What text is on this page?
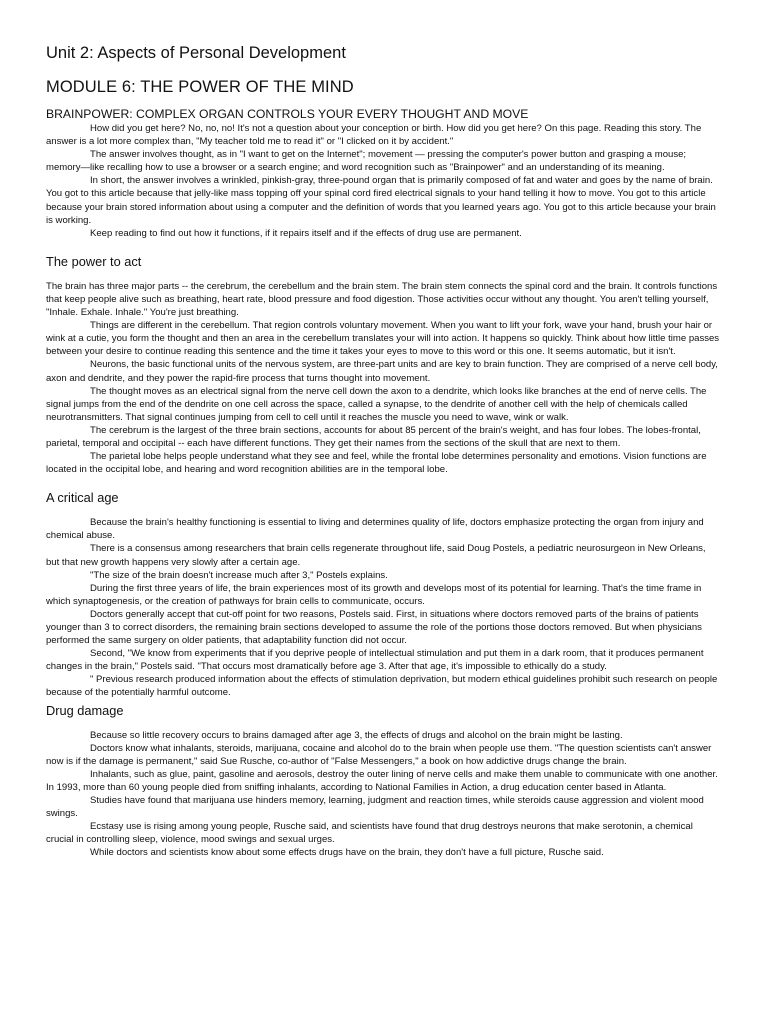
Unit 2: Aspects of Personal Development
MODULE 6: THE POWER OF THE MIND
BRAINPOWER: COMPLEX ORGAN CONTROLS YOUR EVERY THOUGHT AND MOVE

How did you get here? No, no, no! It's not a question about your conception or birth. How did you get here? On this page. Reading this story. The answer is a lot more complex than, "My teacher told me to read it" or "I clicked on it by accident."

The answer involves thought, as in "I want to get on the Internet"; movement — pressing the computer's power button and grasping a mouse; memory—like recalling how to use a browser or a search engine; and word recognition such as "Brainpower" and an understanding of its meaning.

In short, the answer involves a wrinkled, pinkish-gray, three-pound organ that is primarily composed of fat and water and goes by the name of brain. You got to this article because that jelly-like mass topping off your spinal cord fired electrical signals to your hand telling it how to move. You got to this article because your brain stored information about using a computer and the definition of words that you learned years ago. You got to this article because your brain is working.

Keep reading to find out how it functions, if it repairs itself and if the effects of drug use are permanent.

The power to act

The brain has three major parts -- the cerebrum, the cerebellum and the brain stem. The brain stem connects the spinal cord and the brain. It controls functions that keep people alive such as breathing, heart rate, blood pressure and food digestion. Those activities occur without any thought. You aren't telling yourself, "Inhale. Exhale. Inhale." You're just breathing.

Things are different in the cerebellum. That region controls voluntary movement. When you want to lift your fork, wave your hand, brush your hair or wink at a cutie, you form the thought and then an area in the cerebellum translates your will into action. It happens so quickly. Think about how little time passes between your desire to continue reading this sentence and the time it takes your eyes to move to this word or this one. It seems automatic, but it isn't.

Neurons, the basic functional units of the nervous system, are three-part units and are key to brain function. They are comprised of a nerve cell body, axon and dendrite, and they power the rapid-fire process that turns thought into movement.

The thought moves as an electrical signal from the nerve cell down the axon to a dendrite, which looks like branches at the end of nerve cells. The signal jumps from the end of the dendrite on one cell across the space, called a synapse, to the dendrite of another cell with the help of chemicals called neurotransmitters. That signal continues jumping from cell to cell until it reaches the muscle you need to wave, wink or walk.

The cerebrum is the largest of the three brain sections, accounts for about 85 percent of the brain's weight, and has four lobes. The lobes-frontal, parietal, temporal and occipital -- each have different functions. They get their names from the sections of the skull that are next to them.

The parietal lobe helps people understand what they see and feel, while the frontal lobe determines personality and emotions. Vision functions are located in the occipital lobe, and hearing and word recognition abilities are in the temporal lobe.

A critical age

Because the brain's healthy functioning is essential to living and determines quality of life, doctors emphasize protecting the organ from injury and chemical abuse.

There is a consensus among researchers that brain cells regenerate throughout life, said Doug Postels, a pediatric neurosurgeon in New Orleans, but that new growth happens very slowly after a certain age.

"The size of the brain doesn't increase much after 3," Postels explains.

During the first three years of life, the brain experiences most of its growth and develops most of its potential for learning. That's the time frame in which synaptogenesis, or the creation of pathways for brain cells to communicate, occurs.

Doctors generally accept that cut-off point for two reasons, Postels said. First, in situations where doctors removed parts of the brains of patients younger than 3 to correct disorders, the remaining brain sections developed to assume the role of the portions those doctors removed. But when physicians performed the same surgery on older patients, that adaptability function did not occur.

Second, "We know from experiments that if you deprive people of intellectual stimulation and put them in a dark room, that it produces permanent changes in the brain," Postels said. "That occurs most dramatically before age 3. After that age, it's impossible to ethically do a study.

" Previous research produced information about the effects of stimulation deprivation, but modern ethical guidelines prohibit such research on people because of the potentially harmful outcome.

Drug damage

Because so little recovery occurs to brains damaged after age 3, the effects of drugs and alcohol on the brain might be lasting.

Doctors know what inhalants, steroids, marijuana, cocaine and alcohol do to the brain when people use them. "The question scientists can't answer now is if the damage is permanent," said Sue Rusche, co-author of "False Messengers," a book on how addictive drugs change the brain.

Inhalants, such as glue, paint, gasoline and aerosols, destroy the outer lining of nerve cells and make them unable to communicate with one another. In 1993, more than 60 young people died from sniffing inhalants, according to National Families in Action, a drug education center based in Atlanta.

Studies have found that marijuana use hinders memory, learning, judgment and reaction times, while steroids cause aggression and violent mood swings.

Ecstasy use is rising among young people, Rusche said, and scientists have found that drug destroys neurons that make serotonin, a chemical crucial in controlling sleep, violence, mood swings and sexual urges.

While doctors and scientists know about some effects drugs have on the brain, they don't have a full picture, Rusche said.
